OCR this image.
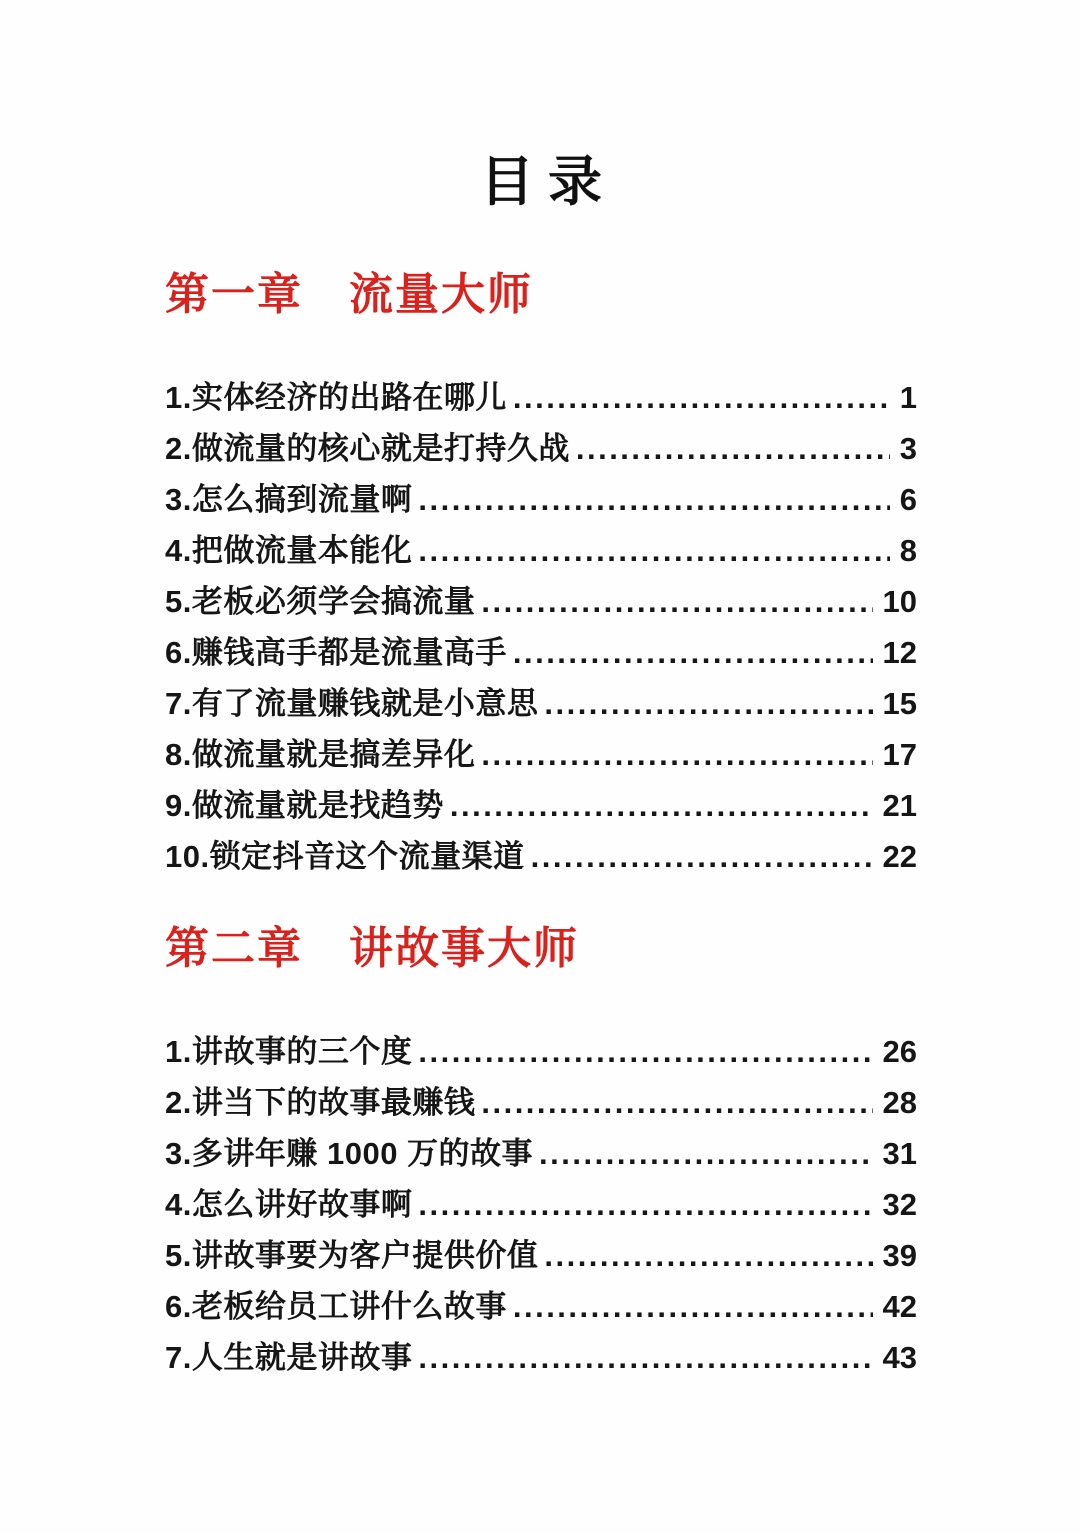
目录
第一章　流量大师
1.实体经济的出路在哪儿 .....	1
2.做流量的核心就是打持久战 .....	3
3.怎么搞到流量啊 .....	6
4.把做流量本能化 .....	8
5.老板必须学会搞流量 .....	10
6.赚钱高手都是流量高手 .....	12
7.有了流量赚钱就是小意思 .....	15
8.做流量就是搞差异化 .....	17
9.做流量就是找趋势 .....	21
10.锁定抖音这个流量渠道 .....	22
第二章　讲故事大师
1.讲故事的三个度 .....	26
2.讲当下的故事最赚钱 .....	28
3.多讲年赚 1000 万的故事 .....	31
4.怎么讲好故事啊 .....	32
5.讲故事要为客户提供价值 .....	39
6.老板给员工讲什么故事 .....	42
7.人生就是讲故事 .....	43
